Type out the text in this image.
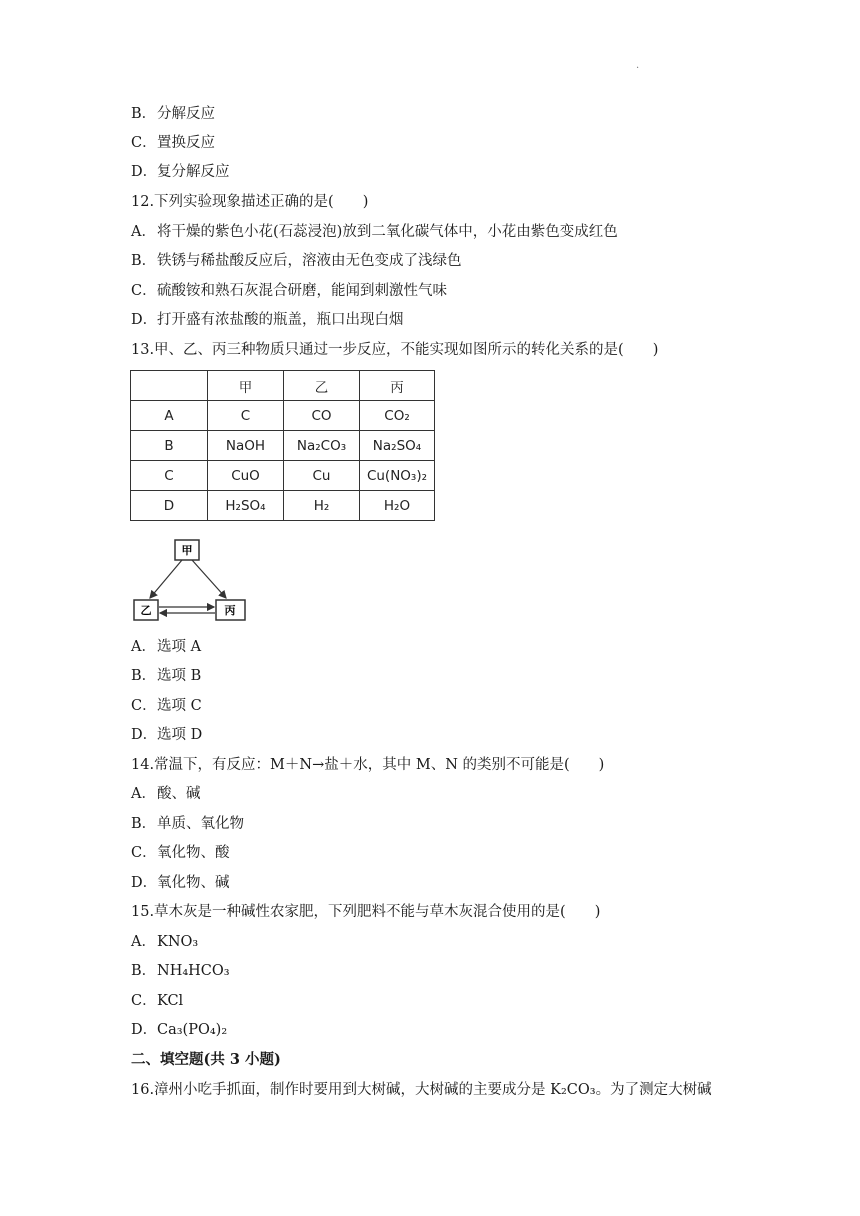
.
B．分解反应
C．置换反应
D．复分解反应
12.下列实验现象描述正确的是(　　)
A．将干燥的紫色小花(石蕊浸泡)放到二氧化碳气体中，小花由紫色变成红色
B．铁锈与稀盐酸反应后，溶液由无色变成了浅绿色
C．硫酸铵和熟石灰混合研磨，能闻到刺激性气味
D．打开盛有浓盐酸的瓶盖，瓶口出现白烟
13.甲、乙、丙三种物质只通过一步反应，不能实现如图所示的转化关系的是(　　)
	甲	乙	丙
A	C	CO	CO₂
B	NaOH	Na₂CO₃	Na₂SO₄
C	CuO	Cu	Cu(NO₃)₂
D	H₂SO₄	H₂	H₂O
甲
乙	丙
A．选项 A
B．选项 B
C．选项 C
D．选项 D
14.常温下，有反应：M＋N→盐＋水，其中 M、N 的类别不可能是(　　)
A．酸、碱
B．单质、氧化物
C．氧化物、酸
D．氧化物、碱
15.草木灰是一种碱性农家肥，下列肥料不能与草木灰混合使用的是(　　)
A．KNO₃
B．NH₄HCO₃
C．KCl
D．Ca₃(PO₄)₂
二、填空题(共 3 小题)
16.漳州小吃手抓面，制作时要用到大树碱，大树碱的主要成分是 K₂CO₃。为了测定大树碱
